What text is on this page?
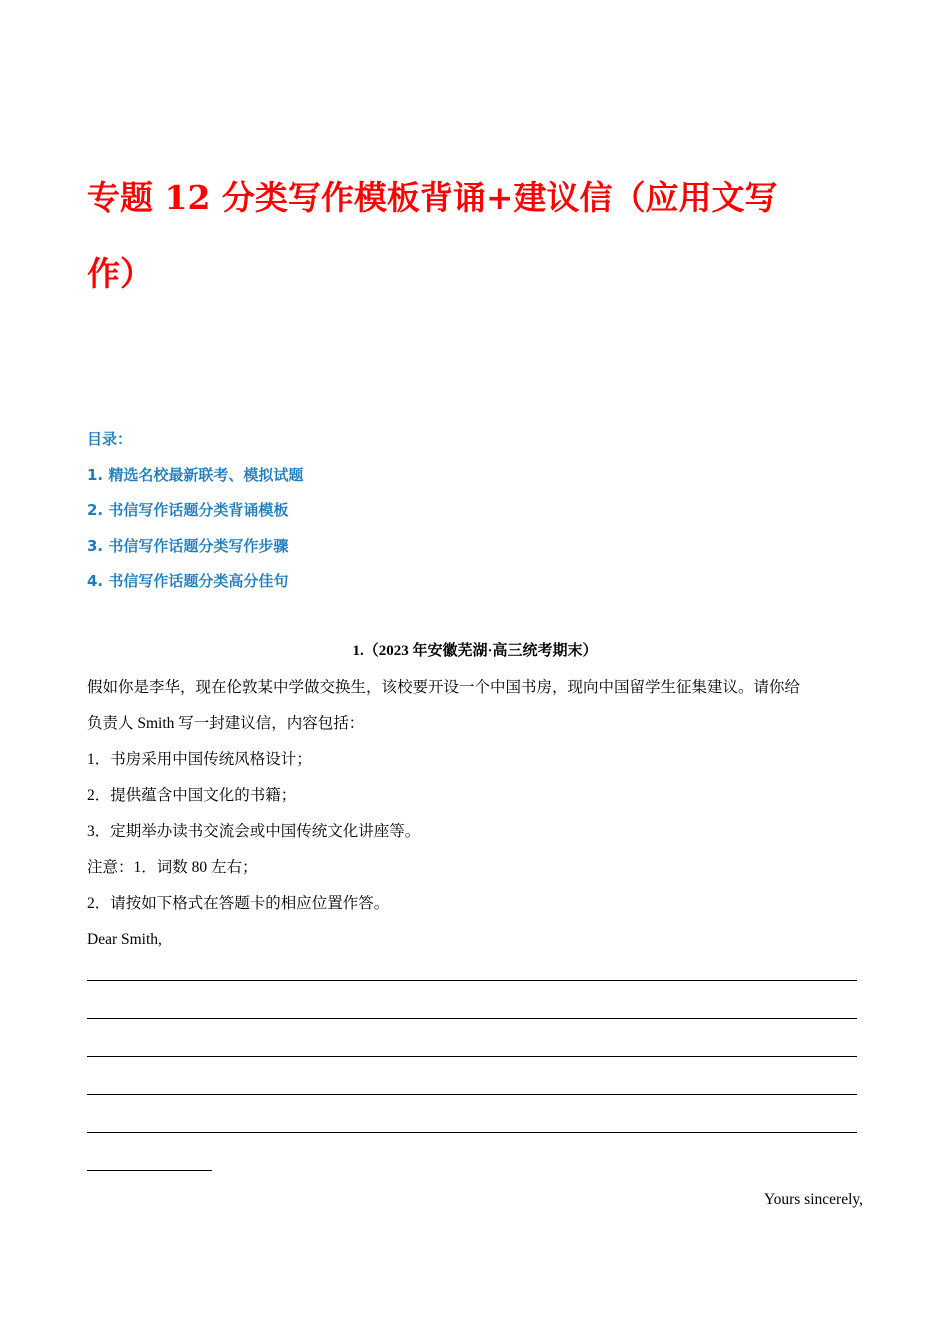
专题 12 分类写作模板背诵+建议信（应用文写
作）
目录：
1. 精选名校最新联考、模拟试题
2. 书信写作话题分类背诵模板
3. 书信写作话题分类写作步骤
4. 书信写作话题分类高分佳句
1.（2023 年安徽芜湖·高三统考期末）
假如你是李华，现在伦敦某中学做交换生，该校要开设一个中国书房，现向中国留学生征集建议。请你给
负责人 Smith 写一封建议信，内容包括：
1．书房采用中国传统风格设计；
2．提供蕴含中国文化的书籍；
3．定期举办读书交流会或中国传统文化讲座等。
注意：1．词数 80 左右；
2．请按如下格式在答题卡的相应位置作答。
Dear Smith,
Yours sincerely,
